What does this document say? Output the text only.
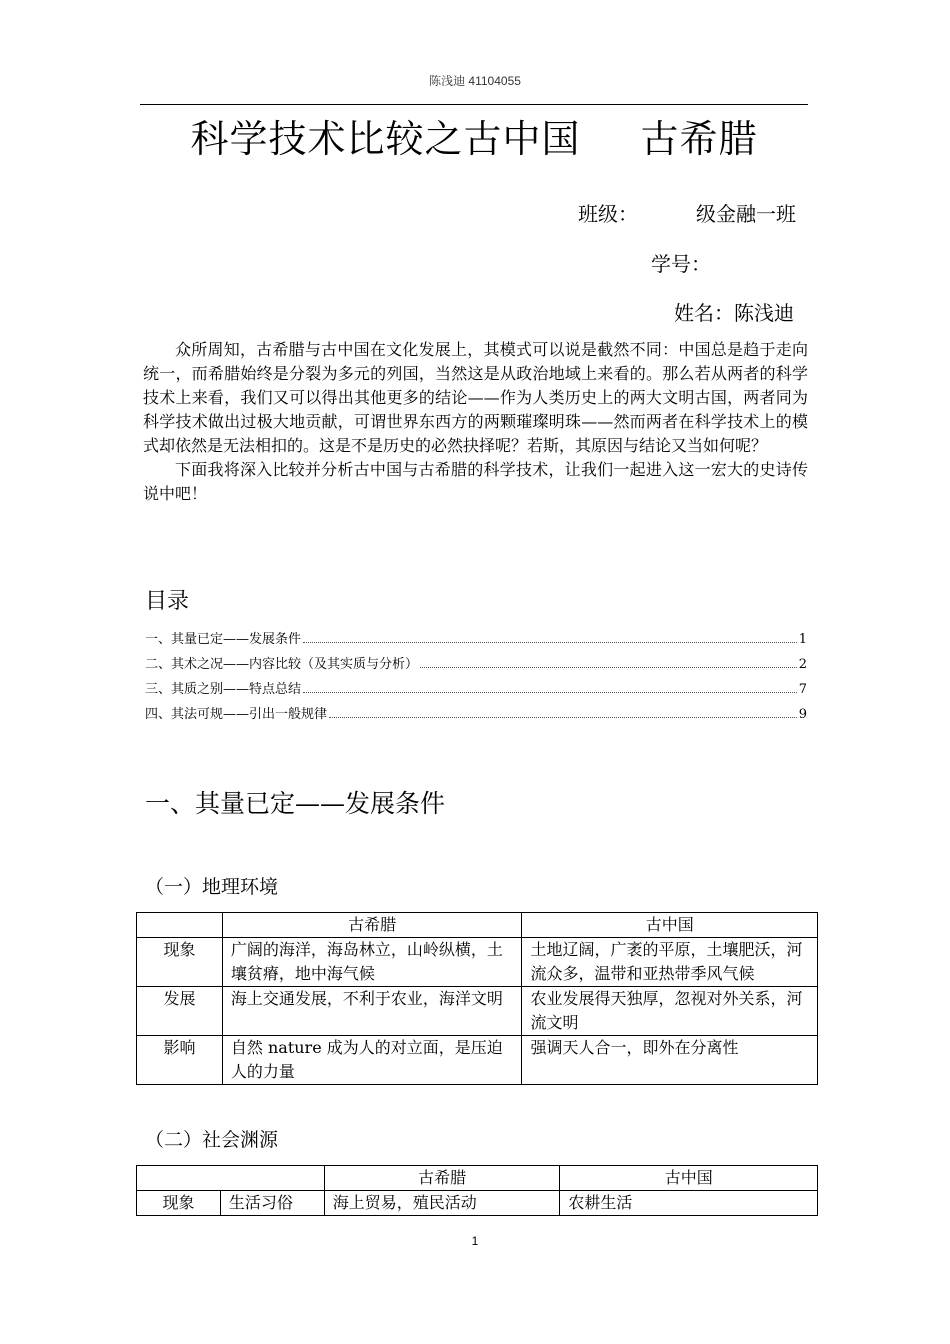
陈浅迪 41104055
科学技术比较之古中国 古希腊
班级：	级金融一班
学号：
姓名：陈浅迪
众所周知，古希腊与古中国在文化发展上，其模式可以说是截然不同：中国总是趋于走向统一，而希腊始终是分裂为多元的列国，当然这是从政治地域上来看的。那么若从两者的科学技术上来看，我们又可以得出其他更多的结论——作为人类历史上的两大文明古国，两者同为科学技术做出过极大地贡献，可谓世界东西方的两颗璀璨明珠——然而两者在科学技术上的模式却依然是无法相扣的。这是不是历史的必然抉择呢？若斯，其原因与结论又当如何呢？
下面我将深入比较并分析古中国与古希腊的科学技术，让我们一起进入这一宏大的史诗传说中吧！
目录
一、其量已定——发展条件	1
二、其术之况——内容比较（及其实质与分析）	2
三、其质之别——特点总结	7
四、其法可规——引出一般规律	9
一、其量已定——发展条件
（一）地理环境
	古希腊	古中国
现象	广阔的海洋，海岛林立，山岭纵横，土壤贫瘠，地中海气候	土地辽阔，广袤的平原，土壤肥沃，河流众多，温带和亚热带季风气候
发展	海上交通发展，不利于农业，海洋文明	农业发展得天独厚，忽视对外关系，河流文明
影响	自然 nature 成为人的对立面，是压迫人的力量	强调天人合一，即外在分离性
（二）社会渊源
		古希腊	古中国
现象	生活习俗	海上贸易，殖民活动	农耕生活
1
